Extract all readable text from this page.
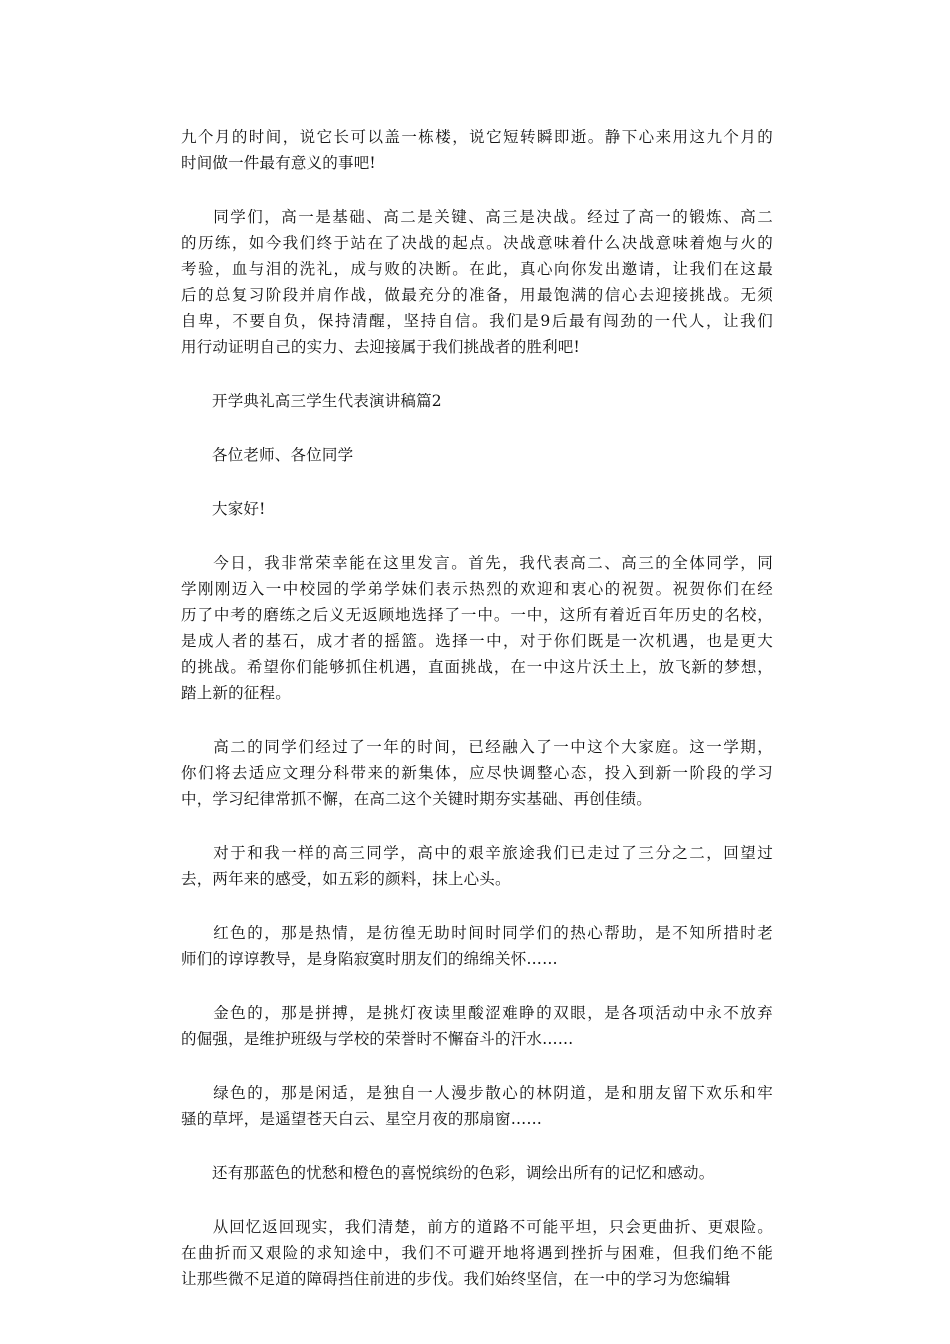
九个月的时间，说它长可以盖一栋楼，说它短转瞬即逝。静下心来用这九个月的
时间做一件最有意义的事吧!
同学们，高一是基础、高二是关键、高三是决战。经过了高一的锻炼、高二
的历练，如今我们终于站在了决战的起点。决战意味着什么决战意味着炮与火的
考验，血与泪的洗礼，成与败的决断。在此，真心向你发出邀请，让我们在这最
后的总复习阶段并肩作战，做最充分的准备，用最饱满的信心去迎接挑战。无须
自卑，不要自负，保持清醒，坚持自信。我们是9后最有闯劲的一代人，让我们
用行动证明自己的实力、去迎接属于我们挑战者的胜利吧!
开学典礼高三学生代表演讲稿篇2
各位老师、各位同学
大家好!
今日，我非常荣幸能在这里发言。首先，我代表高二、高三的全体同学，同
学刚刚迈入一中校园的学弟学妹们表示热烈的欢迎和衷心的祝贺。祝贺你们在经
历了中考的磨练之后义无返顾地选择了一中。一中，这所有着近百年历史的名校，
是成人者的基石，成才者的摇篮。选择一中，对于你们既是一次机遇，也是更大
的挑战。希望你们能够抓住机遇，直面挑战，在一中这片沃土上，放飞新的梦想，
踏上新的征程。
高二的同学们经过了一年的时间，已经融入了一中这个大家庭。这一学期，
你们将去适应文理分科带来的新集体，应尽快调整心态，投入到新一阶段的学习
中，学习纪律常抓不懈，在高二这个关键时期夯实基础、再创佳绩。
对于和我一样的高三同学，高中的艰辛旅途我们已走过了三分之二，回望过
去，两年来的感受，如五彩的颜料，抹上心头。
红色的，那是热情，是彷徨无助时间时同学们的热心帮助，是不知所措时老
师们的谆谆教导，是身陷寂寞时朋友们的绵绵关怀……
金色的，那是拼搏，是挑灯夜读里酸涩难睁的双眼，是各项活动中永不放弃
的倔强，是维护班级与学校的荣誉时不懈奋斗的汗水……
绿色的，那是闲适，是独自一人漫步散心的林阴道，是和朋友留下欢乐和牢
骚的草坪，是遥望苍天白云、星空月夜的那扇窗……
还有那蓝色的忧愁和橙色的喜悦缤纷的色彩，调绘出所有的记忆和感动。
从回忆返回现实，我们清楚，前方的道路不可能平坦，只会更曲折、更艰险。
在曲折而又艰险的求知途中，我们不可避开地将遇到挫折与困难，但我们绝不能
让那些微不足道的障碍挡住前进的步伐。我们始终坚信，在一中的学习为您编辑
